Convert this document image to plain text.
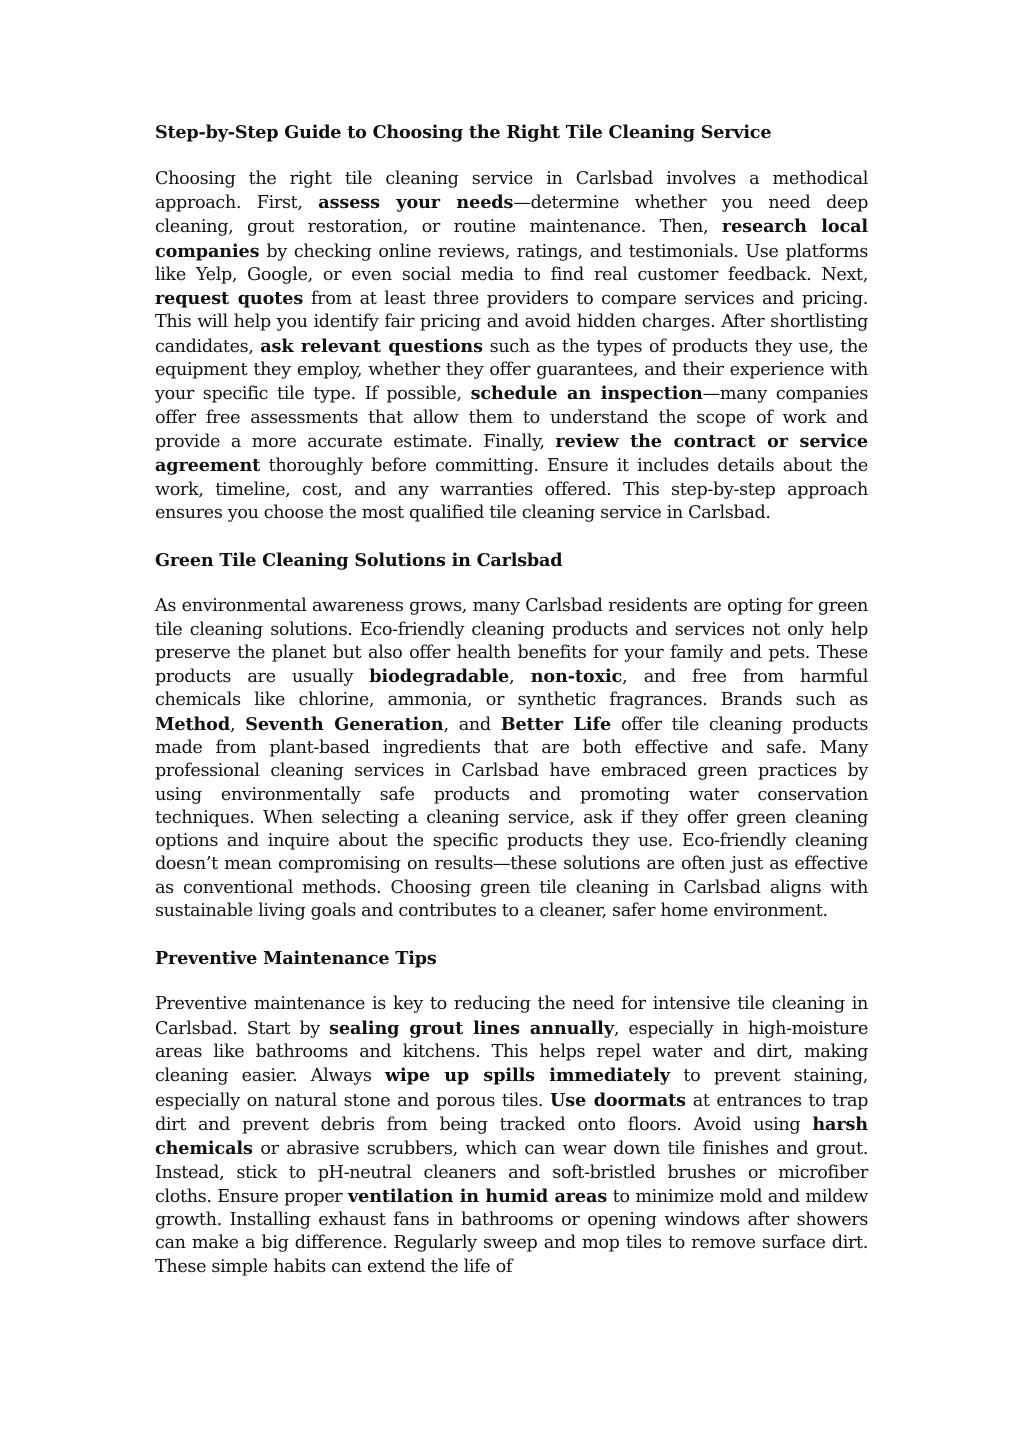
Step-by-Step Guide to Choosing the Right Tile Cleaning Service

Choosing the right tile cleaning service in Carlsbad involves a methodical approach. First, assess your needs—determine whether you need deep cleaning, grout restoration, or routine maintenance. Then, research local companies by checking online reviews, ratings, and testimonials. Use platforms like Yelp, Google, or even social media to find real customer feedback. Next, request quotes from at least three providers to compare services and pricing. This will help you identify fair pricing and avoid hidden charges. After shortlisting candidates, ask relevant questions such as the types of products they use, the equipment they employ, whether they offer guarantees, and their experience with your specific tile type. If possible, schedule an inspection—many companies offer free assessments that allow them to understand the scope of work and provide a more accurate estimate. Finally, review the contract or service agreement thoroughly before committing. Ensure it includes details about the work, timeline, cost, and any warranties offered. This step-by-step approach ensures you choose the most qualified tile cleaning service in Carlsbad.

Green Tile Cleaning Solutions in Carlsbad

As environmental awareness grows, many Carlsbad residents are opting for green tile cleaning solutions. Eco-friendly cleaning products and services not only help preserve the planet but also offer health benefits for your family and pets. These products are usually biodegradable, non-toxic, and free from harmful chemicals like chlorine, ammonia, or synthetic fragrances. Brands such as Method, Seventh Generation, and Better Life offer tile cleaning products made from plant-based ingredients that are both effective and safe. Many professional cleaning services in Carlsbad have embraced green practices by using environmentally safe products and promoting water conservation techniques. When selecting a cleaning service, ask if they offer green cleaning options and inquire about the specific products they use. Eco-friendly cleaning doesn’t mean compromising on results—these solutions are often just as effective as conventional methods. Choosing green tile cleaning in Carlsbad aligns with sustainable living goals and contributes to a cleaner, safer home environment.

Preventive Maintenance Tips

Preventive maintenance is key to reducing the need for intensive tile cleaning in Carlsbad. Start by sealing grout lines annually, especially in high-moisture areas like bathrooms and kitchens. This helps repel water and dirt, making cleaning easier. Always wipe up spills immediately to prevent staining, especially on natural stone and porous tiles. Use doormats at entrances to trap dirt and prevent debris from being tracked onto floors. Avoid using harsh chemicals or abrasive scrubbers, which can wear down tile finishes and grout. Instead, stick to pH-neutral cleaners and soft-bristled brushes or microfiber cloths. Ensure proper ventilation in humid areas to minimize mold and mildew growth. Installing exhaust fans in bathrooms or opening windows after showers can make a big difference. Regularly sweep and mop tiles to remove surface dirt. These simple habits can extend the life of
